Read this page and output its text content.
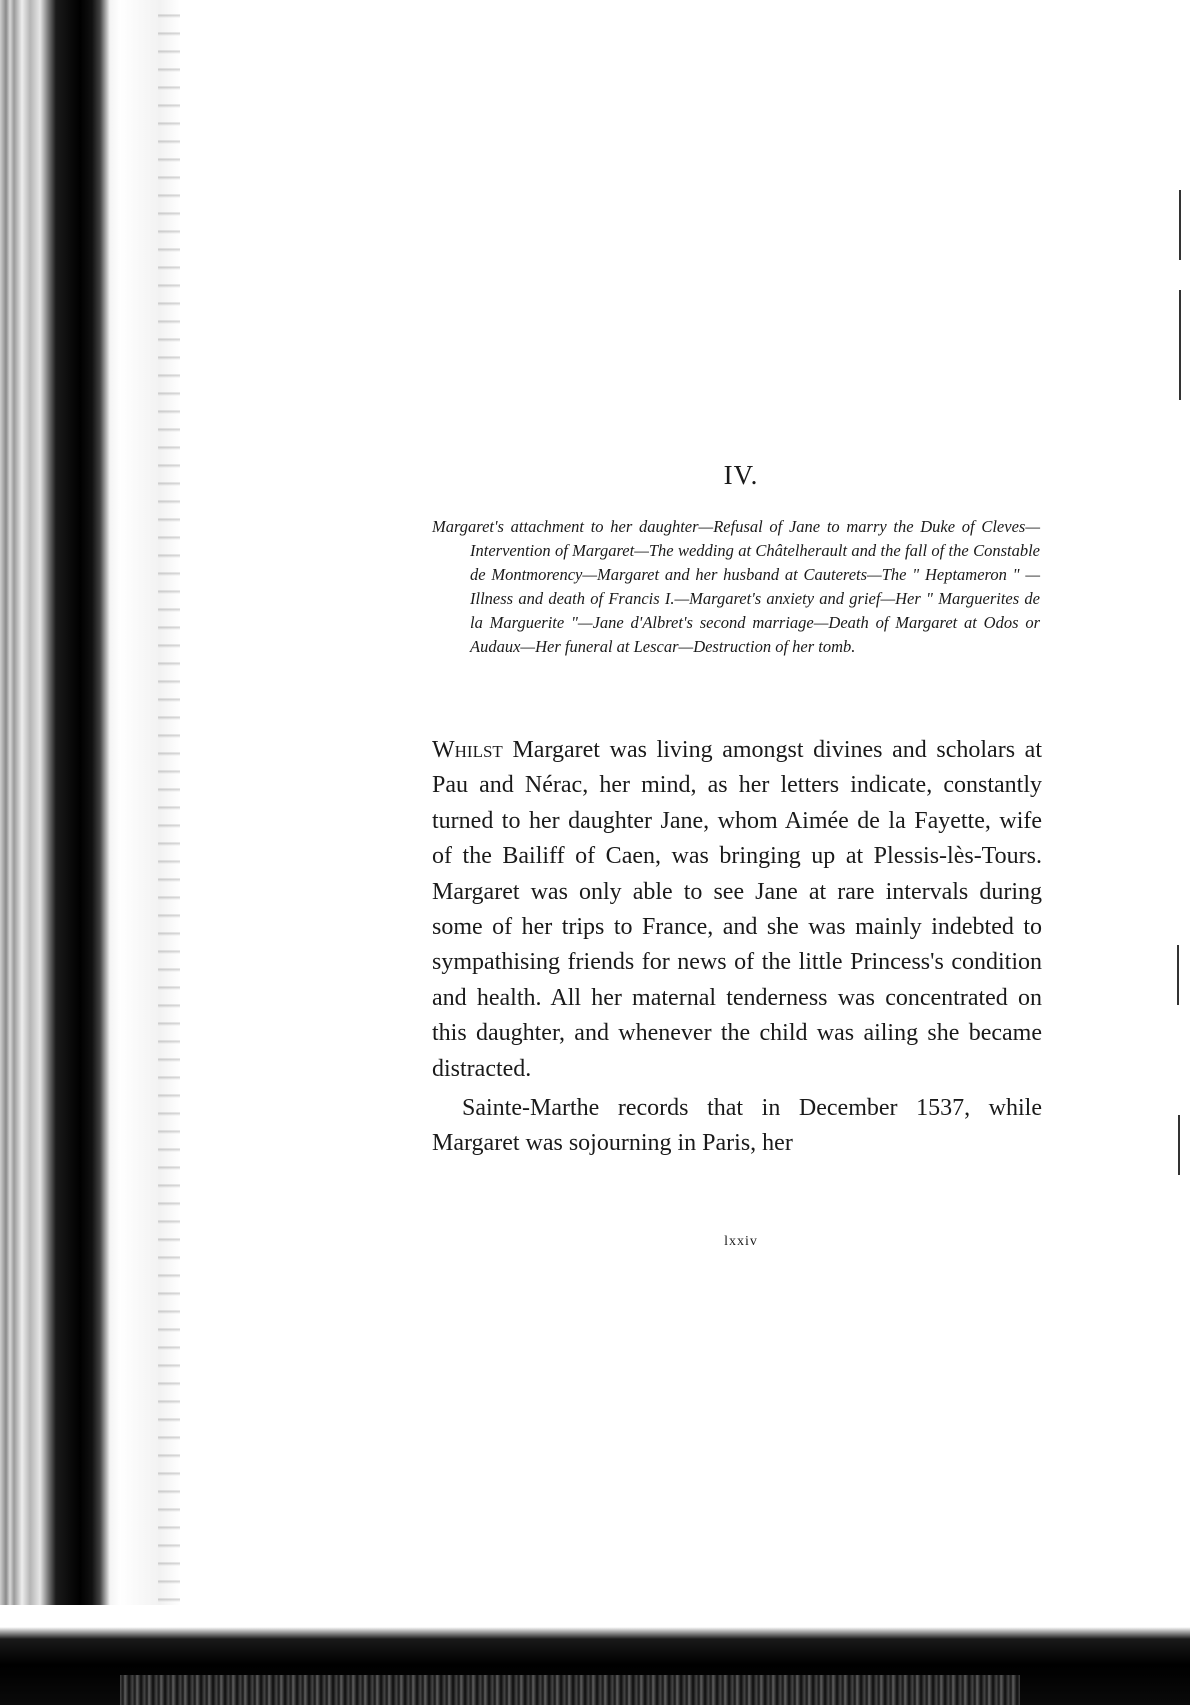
IV.
Margaret's attachment to her daughter—Refusal of Jane to marry the Duke of Cleves—Intervention of Margaret—The wedding at Châtelherault and the fall of the Constable de Montmorency—Margaret and her husband at Cauterets—The " Heptameron " —Illness and death of Francis I.—Margaret's anxiety and grief—Her " Marguerites de la Marguerite "—Jane d'Albret's second marriage—Death of Margaret at Odos or Audaux—Her funeral at Lescar—Destruction of her tomb.

Whilst Margaret was living amongst divines and scholars at Pau and Nérac, her mind, as her letters indicate, constantly turned to her daughter Jane, whom Aimée de la Fayette, wife of the Bailiff of Caen, was bringing up at Plessis-lès-Tours. Margaret was only able to see Jane at rare intervals during some of her trips to France, and she was mainly indebted to sympathising friends for news of the little Princess's condition and health. All her maternal tenderness was concentrated on this daughter, and whenever the child was ailing she became distracted.

Sainte-Marthe records that in December 1537, while Margaret was sojourning in Paris, her

lxxiv
